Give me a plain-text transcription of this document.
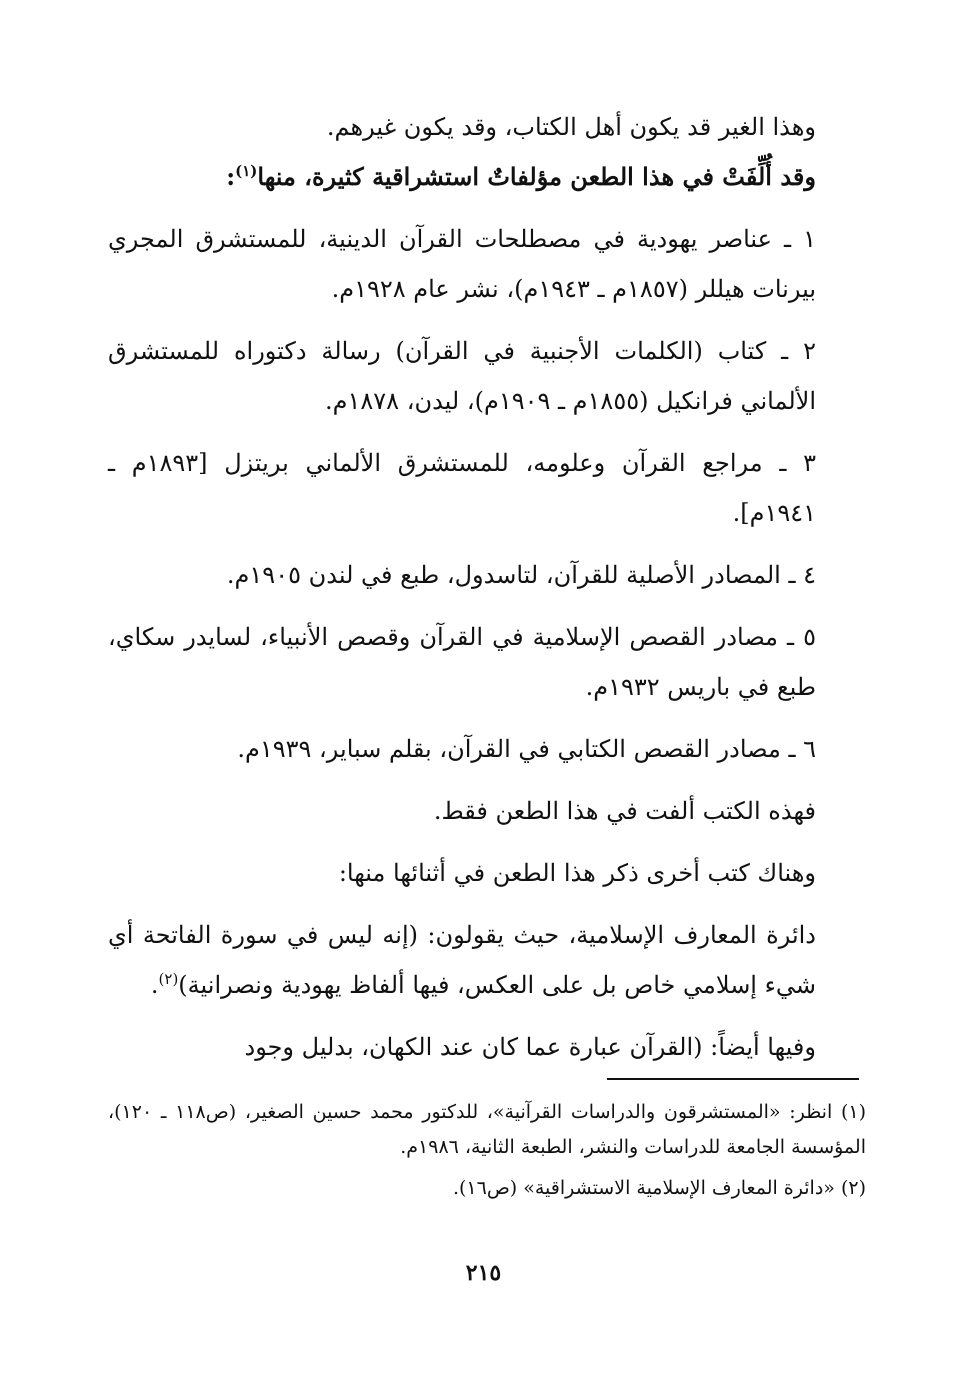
وهذا الغير قد يكون أهل الكتاب، وقد يكون غيرهم.

وقد أُلِّفَتْ في هذا الطعن مؤلفاتٌ استشراقية كثيرة، منها$^{(١)}$:

١ ـ عناصر يهودية في مصطلحات القرآن الدينية، للمستشرق المجري بيرنات هيللر (١٨٥٧م ـ ١٩٤٣م)، نشر عام ١٩٢٨م.

٢ ـ كتاب (الكلمات الأجنبية في القرآن) رسالة دكتوراه للمستشرق الألماني فرانكيل (١٨٥٥م ـ ١٩٠٩م)، ليدن، ١٨٧٨م.

٣ ـ مراجع القرآن وعلومه، للمستشرق الألماني بريتزل [١٨٩٣م ـ ١٩٤١م].

٤ ـ المصادر الأصلية للقرآن، لتاسدول، طبع في لندن ١٩٠٥م.

٥ ـ مصادر القصص الإسلامية في القرآن وقصص الأنبياء، لسايدر سكاي، طبع في باريس ١٩٣٢م.

٦ ـ مصادر القصص الكتابي في القرآن، بقلم سباير، ١٩٣٩م.

فهذه الكتب ألفت في هذا الطعن فقط.

وهناك كتب أخرى ذكر هذا الطعن في أثنائها منها:

دائرة المعارف الإسلامية، حيث يقولون: (إنه ليس في سورة الفاتحة أي شيء إسلامي خاص بل على العكس، فيها ألفاظ يهودية ونصرانية)$^{(٢)}$.

وفيها أيضاً: (القرآن عبارة عما كان عند الكهان، بدليل وجود

(١) انظر: «المستشرقون والدراسات القرآنية»، للدكتور محمد حسين الصغير، (ص١١٨ ـ ١٢٠)، المؤسسة الجامعة للدراسات والنشر، الطبعة الثانية، ١٩٨٦م.

(٢) «دائرة المعارف الإسلامية الاستشراقية» (ص١٦).

٢١٥
